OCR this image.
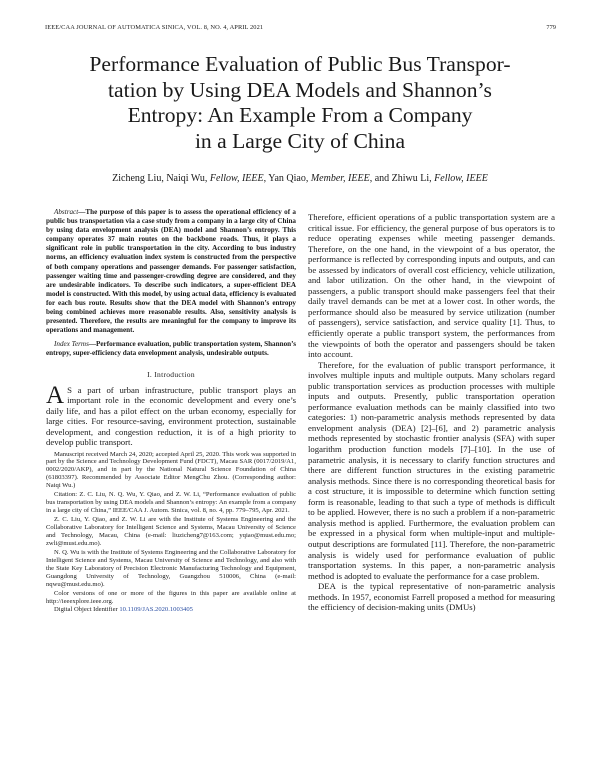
IEEE/CAA JOURNAL OF AUTOMATICA SINICA, VOL. 8, NO. 4, APRIL 2021	779
Performance Evaluation of Public Bus Transpor-
tation by Using DEA Models and Shannon’s
Entropy: An Example From a Company
in a Large City of China
Zicheng Liu, Naiqi Wu, Fellow, IEEE, Yan Qiao, Member, IEEE, and Zhiwu Li, Fellow, IEEE

Abstract—The purpose of this paper is to assess the operational efficiency of a public bus transportation via a case study from a company in a large city of China by using data envelopment analysis (DEA) model and Shannon’s entropy. This company operates 37 main routes on the backbone roads. Thus, it plays a significant role in public transportation in the city. According to bus industry norms, an efficiency evaluation index system is constructed from the perspective of both company operations and passenger demands. For passenger satisfaction, passenger waiting time and passenger-crowding degree are considered, and they are undesirable indicators. To describe such indicators, a super-efficient DEA model is constructed. With this model, by using actual data, efficiency is evaluated for each bus route. Results show that the DEA model with Shannon’s entropy being combined achieves more reasonable results. Also, sensitivity analysis is presented. Therefore, the results are meaningful for the company to improve its operations and management.

Index Terms—Performance evaluation, public transportation system, Shannon’s entropy, super-efficiency data envelopment analysis, undesirable outputs.

I. Introduction

A S a part of urban infrastructure, public transport plays an important role in the economic development and every one’s daily life, and has a pilot effect on the urban economy, especially for large cities. For resource-saving, environment protection, sustainable development, and congestion reduction, it is of a high priority to develop public transport.

Manuscript received March 24, 2020; accepted April 25, 2020. This work was supported in part by the Science and Technology Development Fund (FDCT), Macau SAR (0017/2019/A1, 0002/2020/AKP), and in part by the National Natural Science Foundation of China (61803397). Recommended by Associate Editor MengChu Zhou. (Corresponding author: Naiqi Wu.)

Citation: Z. C. Liu, N. Q. Wu, Y. Qiao, and Z. W. Li, “Performance evaluation of public bus transportation by using DEA models and Shannon’s entropy: An example from a company in a large city of China,” IEEE/CAA J. Autom. Sinica, vol. 8, no. 4, pp. 779–795, Apr. 2021.

Z. C. Liu, Y. Qiao, and Z. W. Li are with the Institute of Systems Engineering and the Collaborative Laboratory for Intelligent Science and Systems, Macau University of Science and Technology, Macau, China (e-mail: liuzicheng7@163.com; yqiao@must.edu.mo; zwli@must.edu.mo).

N. Q. Wu is with the Institute of Systems Engineering and the Collaborative Laboratory for Intelligent Science and Systems, Macau University of Science and Technology, and also with the State Key Laboratory of Precision Electronic Manufacturing Technology and Equipment, Guangdong University of Technology, Guangzhou 510006, China (e-mail: nqwu@must.edu.mo).

Color versions of one or more of the figures in this paper are available online at http://ieeexplore.ieee.org.

Digital Object Identifier 10.1109/JAS.2020.1003405

Therefore, efficient operations of a public transportation system are a critical issue. For efficiency, the general purpose of bus operators is to reduce operating expenses while meeting passenger demands. Therefore, on the one hand, in the viewpoint of a bus operator, the performance is reflected by corresponding inputs and outputs, and can be assessed by indicators of overall cost efficiency, vehicle utilization, and labor utilization. On the other hand, in the viewpoint of passengers, a public transport should make passengers feel that their daily travel demands can be met at a lower cost. In other words, the performance should also be measured by service utilization (number of passengers), service satisfaction, and service quality [1]. Thus, to efficiently operate a public transport system, the performances from the viewpoints of both the operator and passengers should be taken into account.

Therefore, for the evaluation of public transport performance, it involves multiple inputs and multiple outputs. Many scholars regard public transportation services as production processes with multiple inputs and outputs. Presently, public transportation operation performance evaluation methods can be mainly classified into two categories: 1) non-parametric analysis methods represented by data envelopment analysis (DEA) [2]–[6], and 2) parametric analysis methods represented by stochastic frontier analysis (SFA) with super logarithm production function models [7]–[10]. In the use of parametric analysis, it is necessary to clarify function structures and there are different function structures in the existing parametric analysis methods. Since there is no corresponding theoretical basis for a cost structure, it is impossible to determine which function setting form is reasonable, leading to that such a type of methods is difficult to be applied. However, there is no such a problem if a non-parametric analysis method is applied. Furthermore, the evaluation problem can be expressed in a physical form when multiple-input and multiple-output descriptions are formulated [11]. Therefore, the non-parametric analysis is widely used for performance evaluation of public transportation systems. In this paper, a non-parametric analysis method is adopted to evaluate the performance for a case problem.

DEA is the typical representative of non-parametric analysis methods. In 1957, economist Farrell proposed a method for measuring the efficiency of decision-making units (DMUs)
